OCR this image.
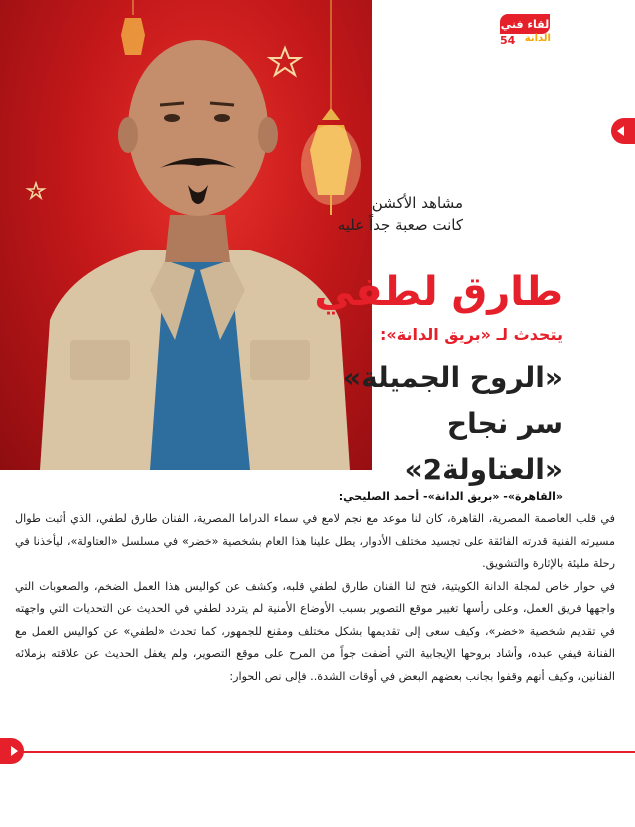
لقاء فني
54 الدانة
مشاهد الأكشن
كانت صعبة جداً عليه
طارق لطفي
يتحدث لـ «بريق الدانة»:
«الروح الجميلة»
سر نجاح
«العتاولة2»
«القاهرة»- «بريق الدانة»- أحمد الصليحي:

في قلب العاصمة المصرية، القاهرة، كان لنا موعد مع نجم لامع في سماء الدراما المصرية، الفنان طارق لطفي، الذي أثبت طوال مسيرته الفنية قدرته الفائقة على تجسيد مختلف الأدوار، يطل علينا هذا العام بشخصية «خضر» في مسلسل «العتاولة»، ليأخذنا في رحلة مليئة بالإثارة والتشويق.

في حوار خاص لمجلة الدانة الكويتية، فتح لنا الفنان طارق لطفي قلبه، وكشف عن كواليس هذا العمل الضخم، والصعوبات التي واجهها فريق العمل، وعلى رأسها تغيير موقع التصوير بسبب الأوضاع الأمنية لم يتردد لطفي في الحديث عن التحديات التي واجهته في تقديم شخصية «خضر»، وكيف سعى إلى تقديمها بشكل مختلف ومقنع للجمهور، كما تحدث «لطفي» عن كواليس العمل مع الفنانة فيفي عبده، وأشاد بروحها الإيجابية التي أضفت جواً من المرح على موقع التصوير، ولم يغفل الحديث عن علاقته بزملائه الفنانين، وكيف أنهم وقفوا بجانب بعضهم البعض في أوقات الشدة.. فإلى نص الحوار:
